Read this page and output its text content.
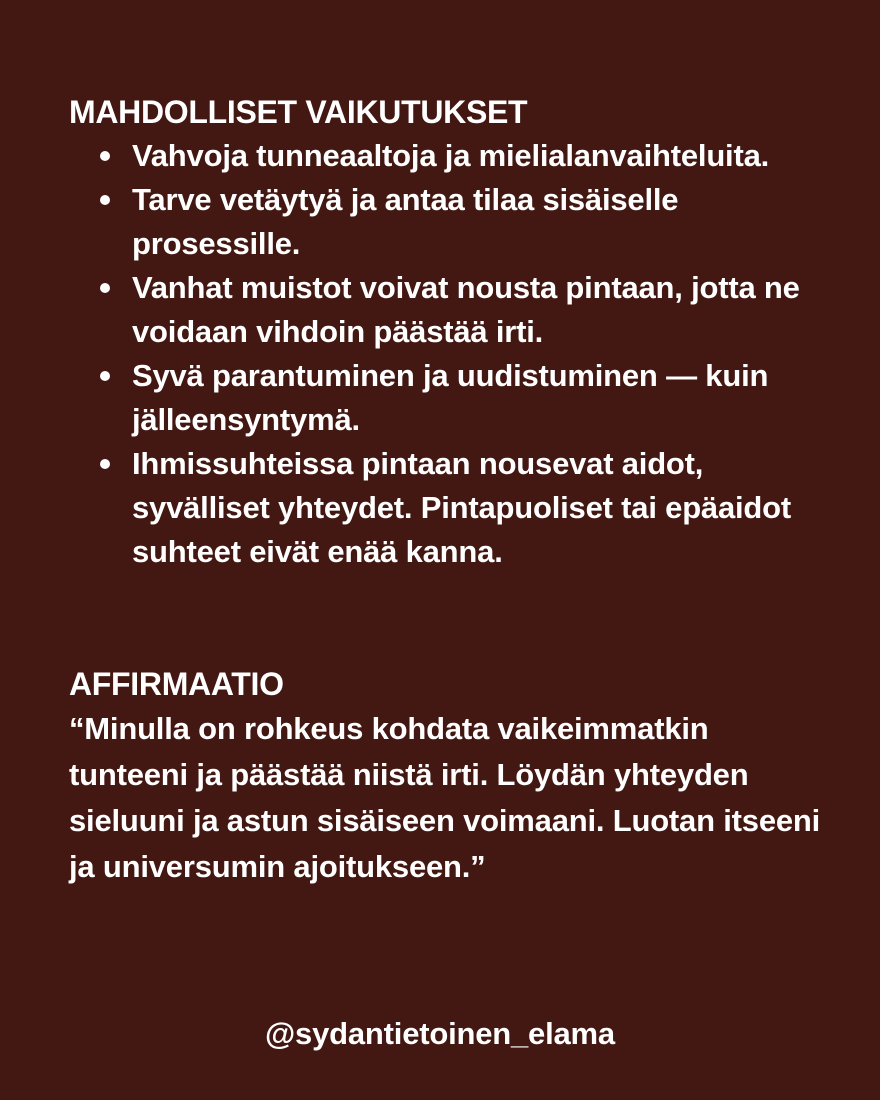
MAHDOLLISET VAIKUTUKSET
Vahvoja tunneaaltoja ja mielialanvaihteluita.
Tarve vetäytyä ja antaa tilaa sisäiselle prosessille.
Vanhat muistot voivat nousta pintaan, jotta ne voidaan vihdoin päästää irti.
Syvä parantuminen ja uudistuminen — kuin jälleensyntymä.
Ihmissuhteissa pintaan nousevat aidot, syvälliset yhteydet. Pintapuoliset tai epäaidot suhteet eivät enää kanna.
AFFIRMAATIO

“Minulla on rohkeus kohdata vaikeimmatkin tunteeni ja päästää niistä irti. Löydän yhteyden sieluuni ja astun sisäiseen voimaani. Luotan itseeni ja universumin ajoitukseen.”

@sydantietoinen_elama
